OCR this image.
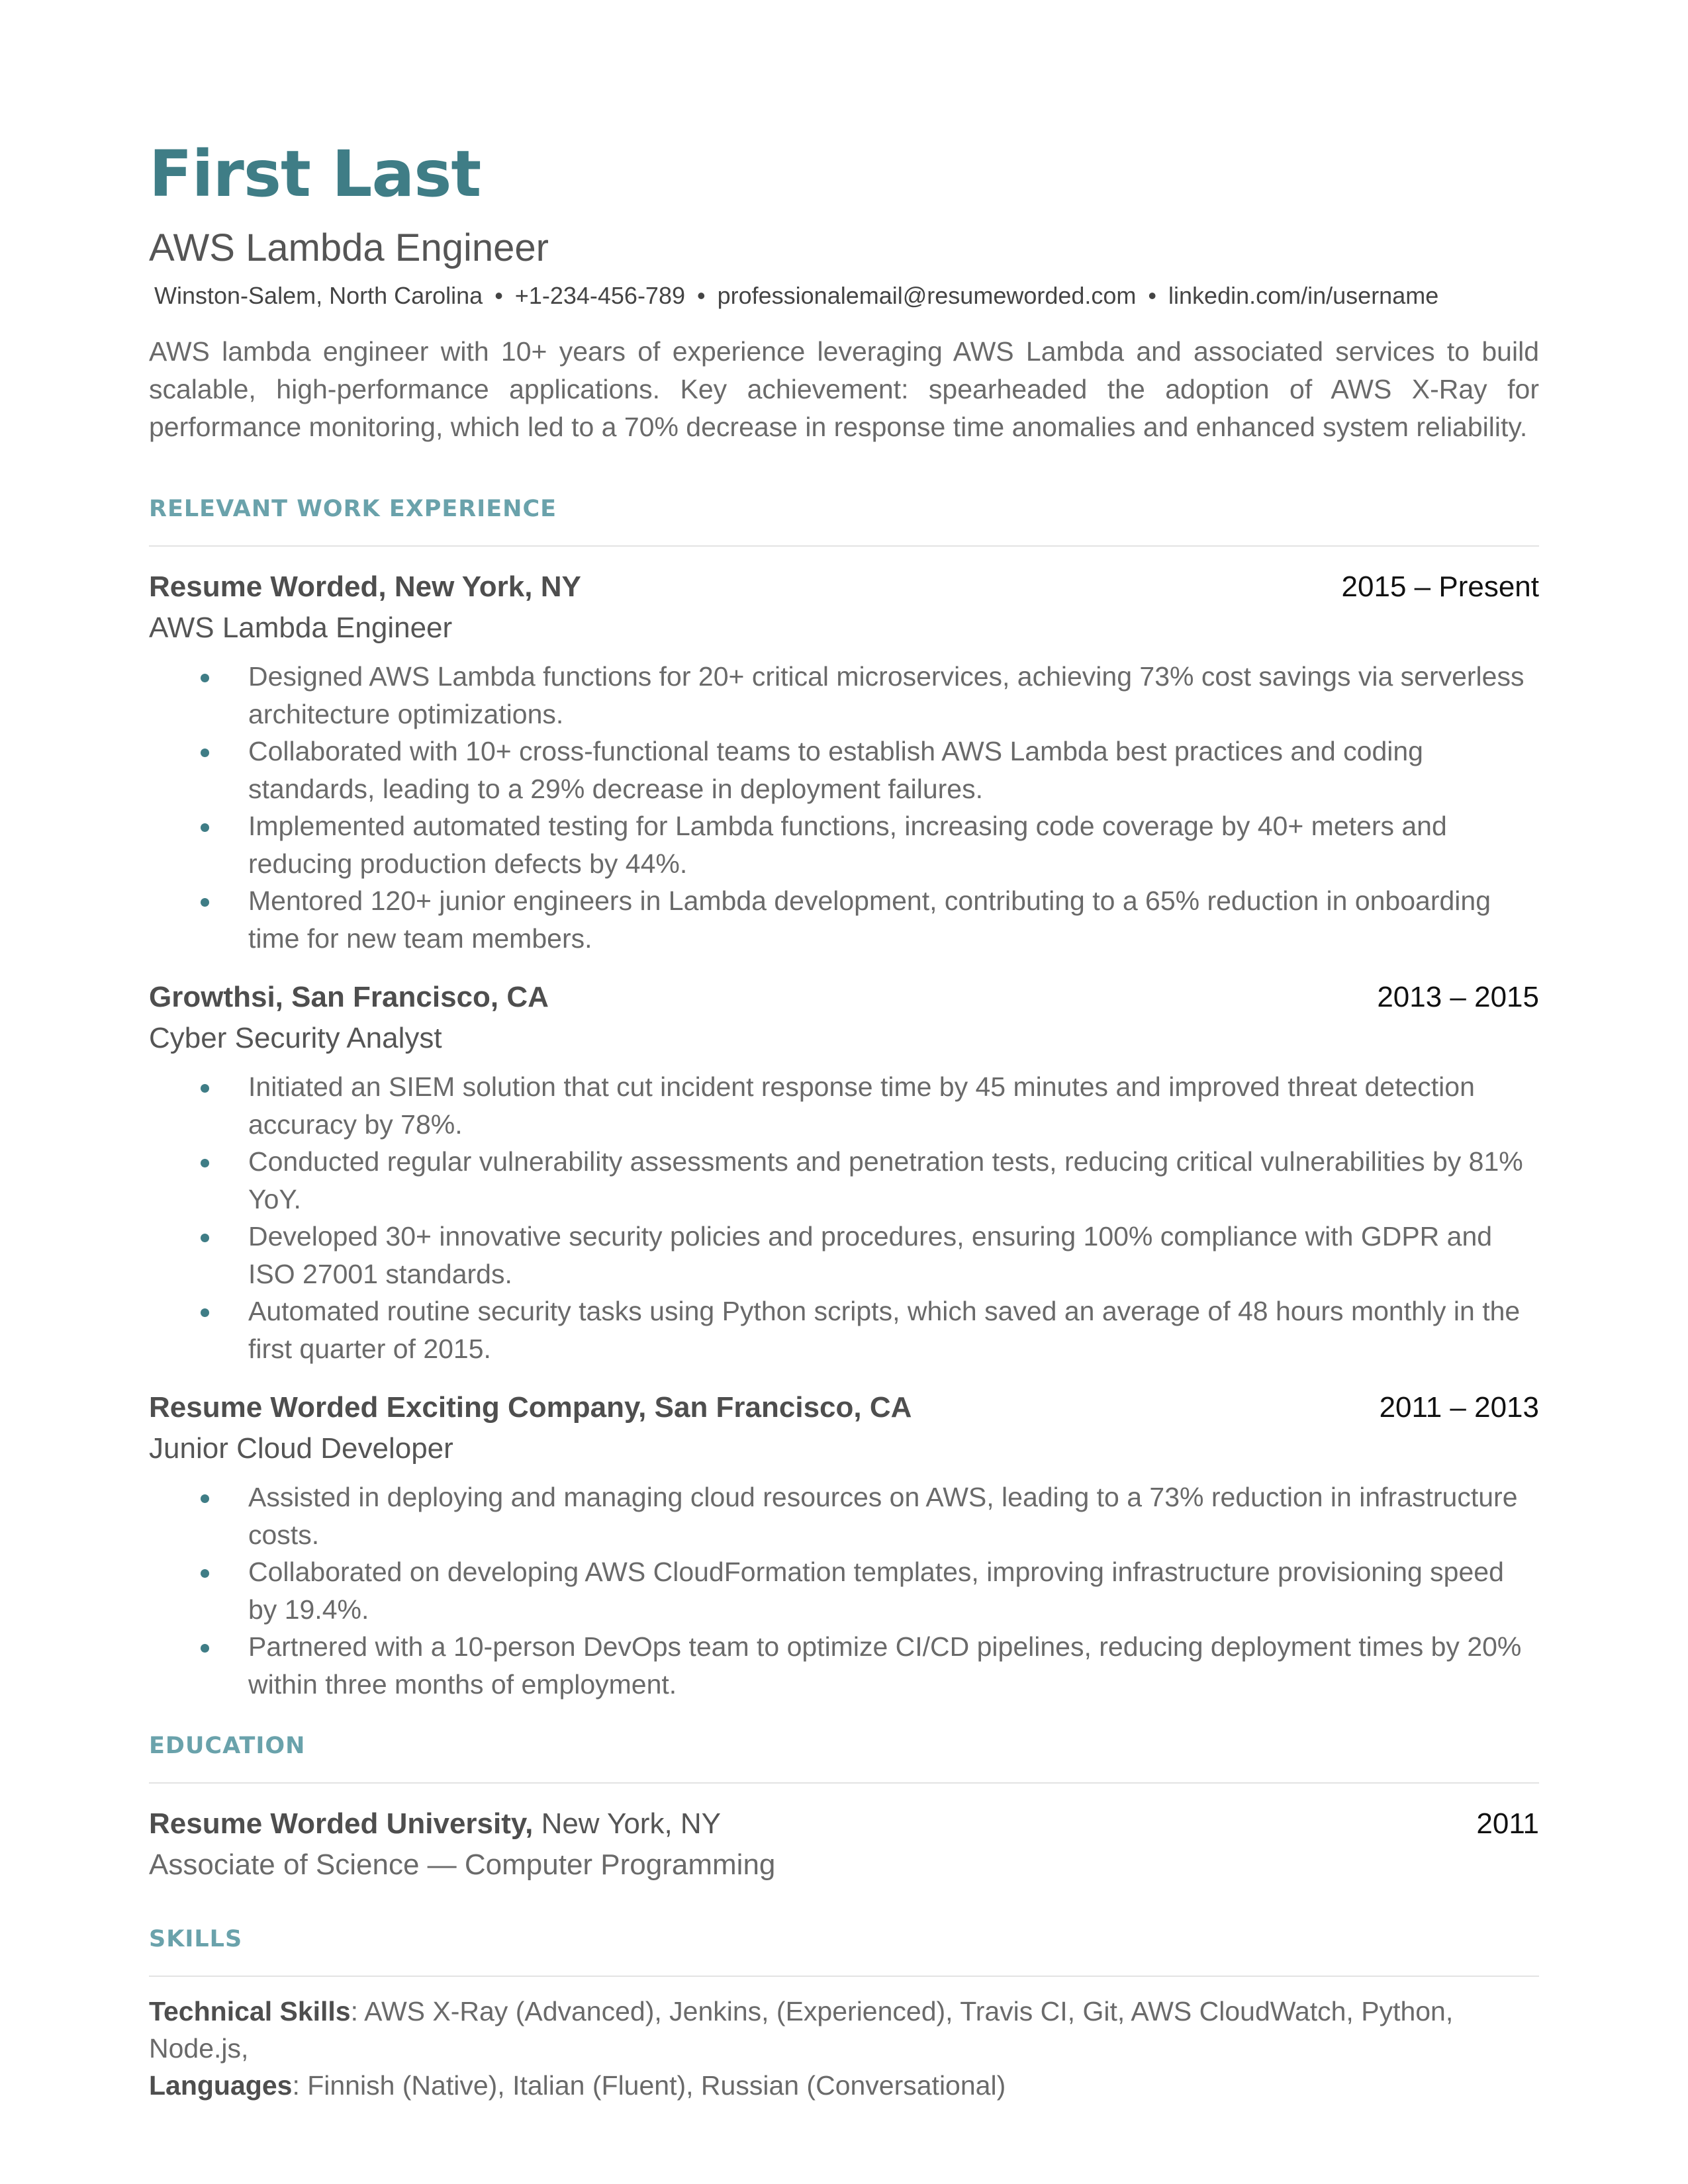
First Last
AWS Lambda Engineer
Winston-Salem, North Carolina • +1-234-456-789 • professionalemail@resumeworded.com • linkedin.com/in/username
AWS lambda engineer with 10+ years of experience leveraging AWS Lambda and associated services to build scalable, high-performance applications. Key achievement: spearheaded the adoption of AWS X-Ray for performance monitoring, which led to a 70% decrease in response time anomalies and enhanced system reliability.
RELEVANT WORK EXPERIENCE
Resume Worded, New York, NY	2015 – Present
AWS Lambda Engineer
Designed AWS Lambda functions for 20+ critical microservices, achieving 73% cost savings via serverless architecture optimizations.
Collaborated with 10+ cross-functional teams to establish AWS Lambda best practices and coding standards, leading to a 29% decrease in deployment failures.
Implemented automated testing for Lambda functions, increasing code coverage by 40+ meters and reducing production defects by 44%.
Mentored 120+ junior engineers in Lambda development, contributing to a 65% reduction in onboarding time for new team members.
Growthsi, San Francisco, CA	2013 – 2015
Cyber Security Analyst
Initiated an SIEM solution that cut incident response time by 45 minutes and improved threat detection accuracy by 78%.
Conducted regular vulnerability assessments and penetration tests, reducing critical vulnerabilities by 81% YoY.
Developed 30+ innovative security policies and procedures, ensuring 100% compliance with GDPR and ISO 27001 standards.
Automated routine security tasks using Python scripts, which saved an average of 48 hours monthly in the first quarter of 2015.
Resume Worded Exciting Company, San Francisco, CA	2011 – 2013
Junior Cloud Developer
Assisted in deploying and managing cloud resources on AWS, leading to a 73% reduction in infrastructure costs.
Collaborated on developing AWS CloudFormation templates, improving infrastructure provisioning speed by 19.4%.
Partnered with a 10-person DevOps team to optimize CI/CD pipelines, reducing deployment times by 20% within three months of employment.
EDUCATION
Resume Worded University, New York, NY	2011
Associate of Science — Computer Programming
SKILLS
Technical Skills: AWS X-Ray (Advanced), Jenkins, (Experienced), Travis CI, Git, AWS CloudWatch, Python, Node.js,
Languages: Finnish (Native), Italian (Fluent), Russian (Conversational)
